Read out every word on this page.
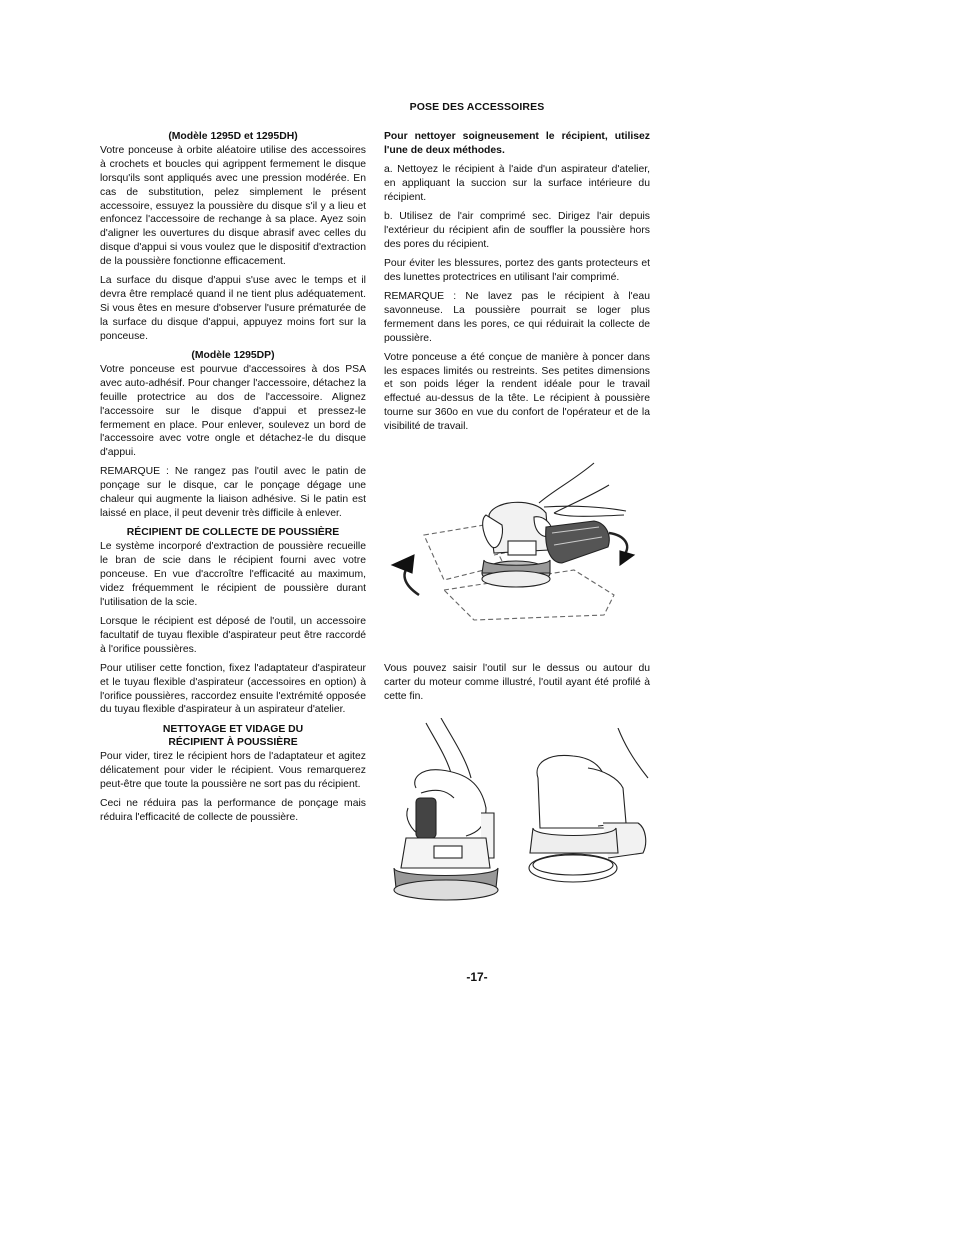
POSE DES ACCESSOIRES
(Modèle 1295D et 1295DH)

Votre ponceuse à orbite aléatoire utilise des accessoires à crochets et boucles qui agrippent fermement le disque lorsqu'ils sont appliqués avec une pression modérée. En cas de substitution, pelez simplement le présent accessoire, essuyez la poussière du disque s'il y a lieu et enfoncez l'accessoire de rechange à sa place. Ayez soin d'aligner les ouvertures du disque abrasif avec celles du disque d'appui si vous voulez que le dispositif d'extraction de la poussière fonctionne efficacement.

La surface du disque d'appui s'use avec le temps et il devra être remplacé quand il ne tient plus adéquatement. Si vous êtes en mesure d'observer l'usure prématurée de la surface du disque d'appui, appuyez moins fort sur la ponceuse.

(Modèle 1295DP)

Votre ponceuse est pourvue d'accessoires à dos PSA avec auto-adhésif. Pour changer l'accessoire, détachez la feuille protectrice au dos de l'accessoire. Alignez l'accessoire sur le disque d'appui et pressez-le fermement en place. Pour enlever, soulevez un bord de l'accessoire avec votre ongle et détachez-le du disque d'appui.

REMARQUE : Ne rangez pas l'outil avec le patin de ponçage sur le disque, car le ponçage dégage une chaleur qui augmente la liaison adhésive. Si le patin est laissé en place, il peut devenir très difficile à enlever.

RÉCIPIENT DE COLLECTE DE POUSSIÈRE

Le système incorporé d'extraction de poussière recueille le bran de scie dans le récipient fourni avec votre ponceuse. En vue d'accroître l'efficacité au maximum, videz fréquemment le récipient de poussière durant l'utilisation de la scie.

Lorsque le récipient est déposé de l'outil, un accessoire facultatif de tuyau flexible d'aspirateur peut être raccordé à l'orifice poussières.

Pour utiliser cette fonction, fixez l'adaptateur d'aspirateur et le tuyau flexible d'aspirateur (accessoires en option) à l'orifice poussières, raccordez ensuite l'extrémité opposée du tuyau flexible d'aspirateur à un aspirateur d'atelier.

NETTOYAGE ET VIDAGE DU
RÉCIPIENT À POUSSIÈRE

Pour vider, tirez le récipient hors de l'adaptateur et agitez délicatement pour vider le récipient. Vous remarquerez peut-être que toute la poussière ne sort pas du récipient.

Ceci ne réduira pas la performance de ponçage mais réduira l'efficacité de collecte de poussière.

Pour nettoyer soigneusement le récipient, utilisez l'une de deux méthodes.

a. Nettoyez le récipient à l'aide d'un aspirateur d'atelier, en appliquant la succion sur la surface intérieure du récipient.

b. Utilisez de l'air comprimé sec. Dirigez l'air depuis l'extérieur du récipient afin de souffler la poussière hors des pores du récipient.

Pour éviter les blessures, portez des gants protecteurs et des lunettes protectrices en utilisant l'air comprimé.

REMARQUE : Ne lavez pas le récipient à l'eau savonneuse. La poussière pourrait se loger plus fermement dans les pores, ce qui réduirait la collecte de poussière.

Votre ponceuse a été conçue de manière à poncer dans les espaces limités ou restreints. Ses petites dimensions et son poids léger la rendent idéale pour le travail effectué au-dessus de la tête. Le récipient à poussière tourne sur 360o en vue du confort de l'opérateur et de la visibilité de travail.

Vous pouvez saisir l'outil sur le dessus ou autour du carter du moteur comme illustré, l'outil ayant été profilé à cette fin.

-17-
